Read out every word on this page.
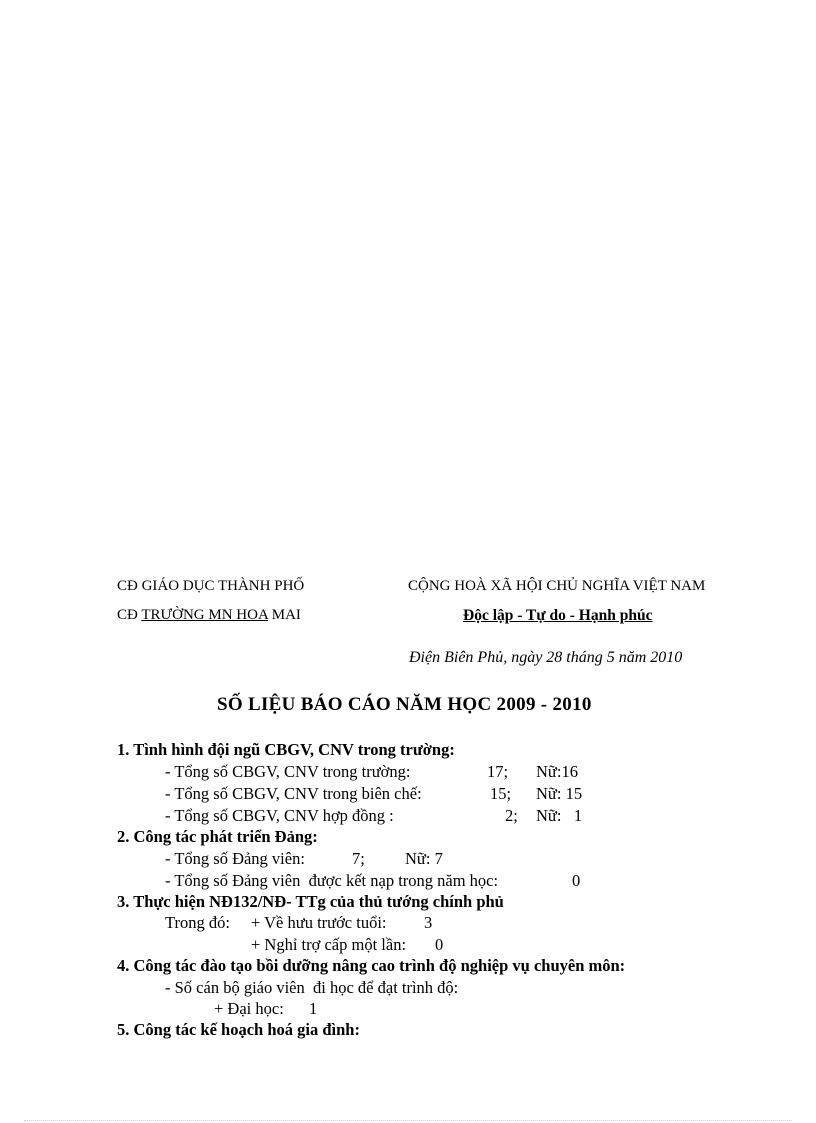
CĐ GIÁO DỤC THÀNH PHỐ
CĐ TRƯỜNG MN HOA MAI
CỘNG HOÀ XÃ HỘI CHỦ NGHĨA VIỆT NAM
Độc lập - Tự do - Hạnh phúc
Điện Biên Phủ, ngày 28 tháng 5 năm 2010
SỐ LIỆU BÁO CÁO NĂM HỌC 2009 - 2010
1. Tình hình đội ngũ CBGV, CNV trong trường:
- Tổng số CBGV, CNV trong trường:	17; Nữ:16
- Tổng số CBGV, CNV trong biên chế:	15; Nữ: 15
- Tổng số CBGV, CNV hợp đồng :	2; Nữ:   1
2. Công tác phát triển Đảng:
- Tổng số Đảng viên:	7; Nữ: 7
- Tổng số Đảng viên  được kết nạp trong năm học:	0
3. Thực hiện NĐ132/NĐ- TTg của thủ tướng chính phủ
Trong đó: + Về hưu trước tuổi: 3
+ Nghỉ trợ cấp một lần: 0
4. Công tác đào tạo bồi dưỡng nâng cao trình độ nghiệp vụ chuyên môn:
- Số cán bộ giáo viên  đi học để đạt trình độ:
+ Đại học: 1
5. Công tác kế hoạch hoá gia đình:
